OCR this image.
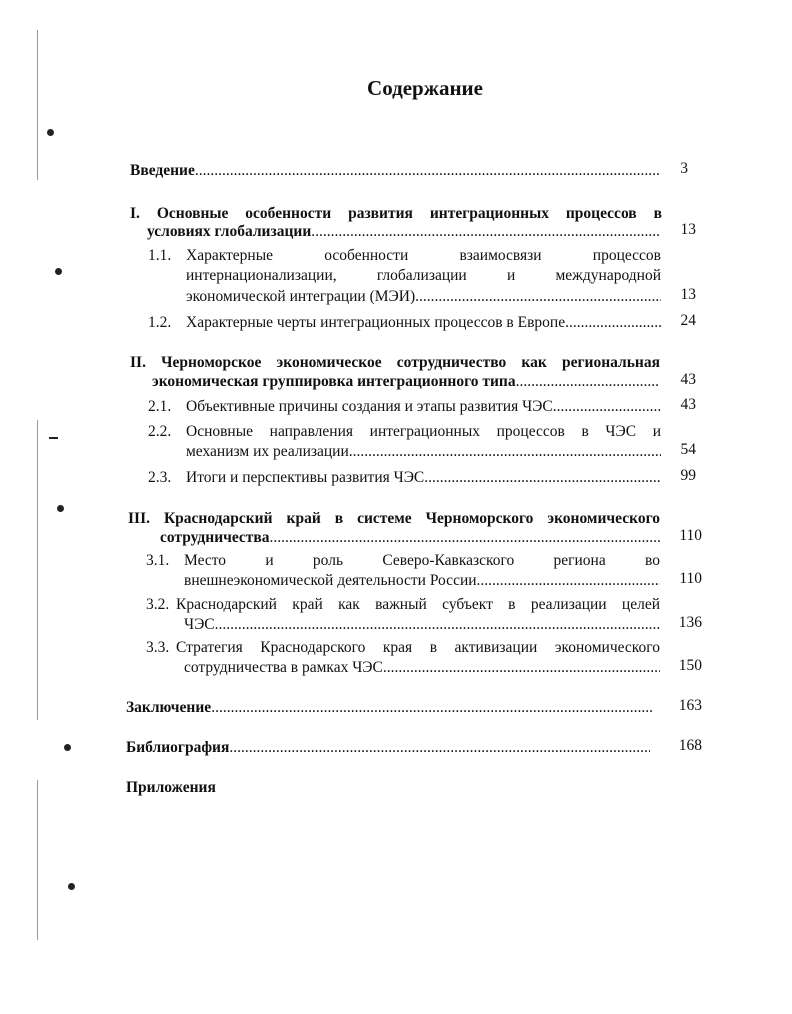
Содержание
Введение .....	3
I. Основные особенности развития интеграционных процессов в
условиях глобализации .....	13
1.1. Характерные особенности взаимосвязи процессов
интернационализации, глобализации и международной
экономической интеграции (МЭИ) .....	13
1.2. Характерные черты интеграционных процессов в Европе .....	24
II. Черноморское экономическое сотрудничество как региональная
экономическая группировка интеграционного типа .....	43
2.1. Объективные причины создания и этапы развития ЧЭС .....	43
2.2. Основные направления интеграционных процессов в ЧЭС и
механизм их реализации .....	54
2.3. Итоги и перспективы развития ЧЭС .....	99
III. Краснодарский край в системе Черноморского экономического
сотрудничества .....	110
3.1. Место и роль Северо-Кавказского региона во
внешнеэкономической деятельности России .....	110
3.2. Краснодарский край как важный субъект в реализации целей
ЧЭС .....	136
3.3. Стратегия Краснодарского края в активизации экономического
сотрудничества в рамках ЧЭС .....	150
Заключение .....	163
Библиография .....	168
Приложения
